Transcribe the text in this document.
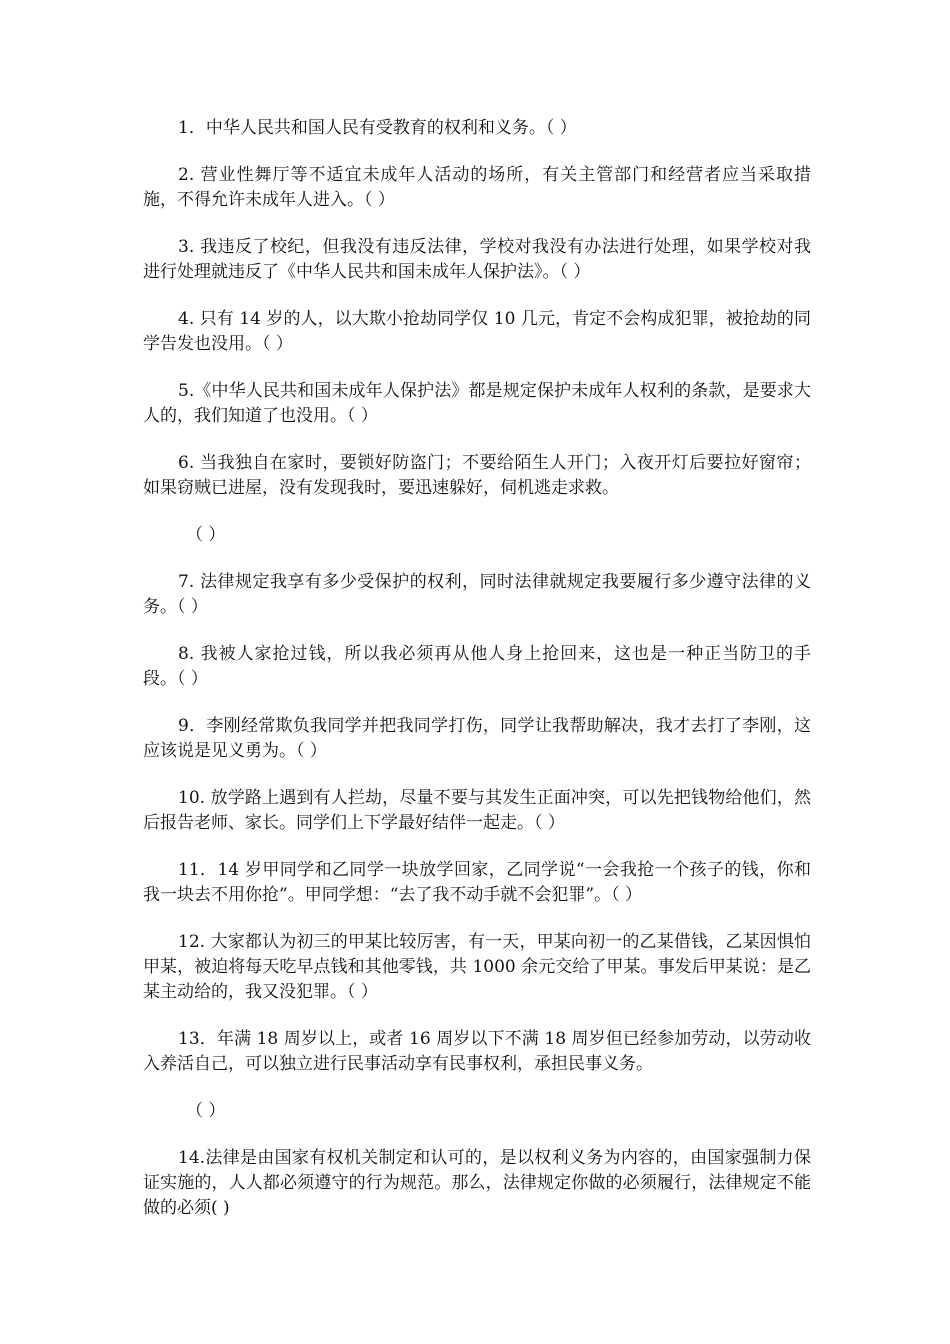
1．中华人民共和国人民有受教育的权利和义务。（ ）

2. 营业性舞厅等不适宜未成年人活动的场所，有关主管部门和经营者应当采取措施，不得允许未成年人进入。（ ）

3. 我违反了校纪，但我没有违反法律，学校对我没有办法进行处理，如果学校对我进行处理就违反了《中华人民共和国未成年人保护法》。（ ）

4. 只有 14 岁的人，以大欺小抢劫同学仅 10 几元，肯定不会构成犯罪，被抢劫的同学告发也没用。（ ）

5.《中华人民共和国未成年人保护法》都是规定保护未成年人权利的条款，是要求大人的，我们知道了也没用。（ ）

6. 当我独自在家时，要锁好防盗门；不要给陌生人开门；入夜开灯后要拉好窗帘；如果窃贼已进屋，没有发现我时，要迅速躲好，伺机逃走求救。

（ ）

7. 法律规定我享有多少受保护的权利，同时法律就规定我要履行多少遵守法律的义务。（ ）

8. 我被人家抢过钱，所以我必须再从他人身上抢回来，这也是一种正当防卫的手段。（ ）

9．李刚经常欺负我同学并把我同学打伤，同学让我帮助解决，我才去打了李刚，这应该说是见义勇为。（ ）

10. 放学路上遇到有人拦劫，尽量不要与其发生正面冲突，可以先把钱物给他们，然后报告老师、家长。同学们上下学最好结伴一起走。（ ）

11．14 岁甲同学和乙同学一块放学回家，乙同学说“一会我抢一个孩子的钱，你和我一块去不用你抢”。甲同学想：“去了我不动手就不会犯罪”。（ ）

12. 大家都认为初三的甲某比较厉害，有一天，甲某向初一的乙某借钱，乙某因惧怕甲某，被迫将每天吃早点钱和其他零钱，共 1000 余元交给了甲某。事发后甲某说：是乙某主动给的，我又没犯罪。（ ）

13．年满 18 周岁以上，或者 16 周岁以下不满 18 周岁但已经参加劳动，以劳动收入养活自己，可以独立进行民事活动享有民事权利，承担民事义务。

（ ）

14.法律是由国家有权机关制定和认可的，是以权利义务为内容的，由国家强制力保证实施的，人人都必须遵守的行为规范。那么，法律规定你做的必须履行，法律规定不能做的必须( )
